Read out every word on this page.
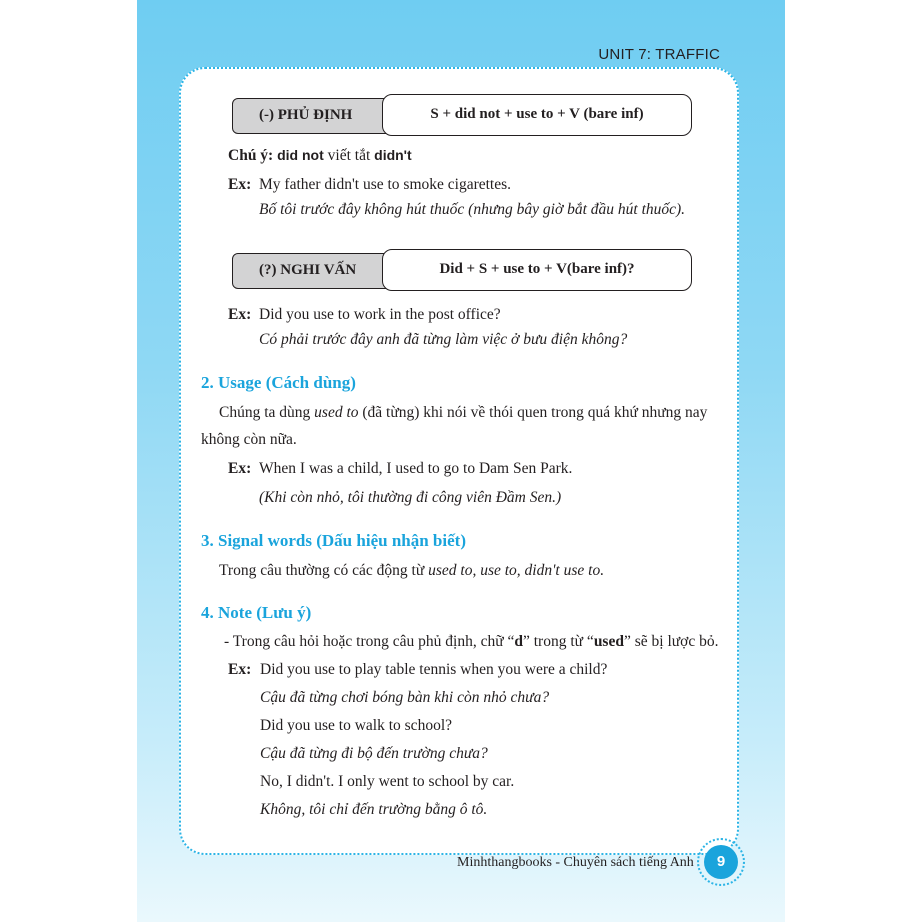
UNIT 7: TRAFFIC
(-) PHỦ ĐỊNH	S + did not + use to + V (bare inf)
Chú ý: did not viết tắt didn't
Ex: My father didn't use to smoke cigarettes.
Bố tôi trước đây không hút thuốc (nhưng bây giờ bắt đầu hút thuốc).
(?) NGHI VẤN	Did + S + use to + V(bare inf)?
Ex: Did you use to work in the post office?
Có phải trước đây anh đã từng làm việc ở bưu điện không?
2. Usage (Cách dùng)
Chúng ta dùng used to (đã từng) khi nói về thói quen trong quá khứ nhưng nay
không còn nữa.
Ex: When I was a child, I used to go to Dam Sen Park.
(Khi còn nhỏ, tôi thường đi công viên Đầm Sen.)
3. Signal words (Dấu hiệu nhận biết)
Trong câu thường có các động từ used to, use to, didn't use to.
4. Note (Lưu ý)
- Trong câu hỏi hoặc trong câu phủ định, chữ “d” trong từ “used” sẽ bị lược bỏ.
Ex: Did you use to play table tennis when you were a child?
Cậu đã từng chơi bóng bàn khi còn nhỏ chưa?
Did you use to walk to school?
Cậu đã từng đi bộ đến trường chưa?
No, I didn't. I only went to school by car.
Không, tôi chỉ đến trường bằng ô tô.
Minhthangbooks - Chuyên sách tiếng Anh	9
